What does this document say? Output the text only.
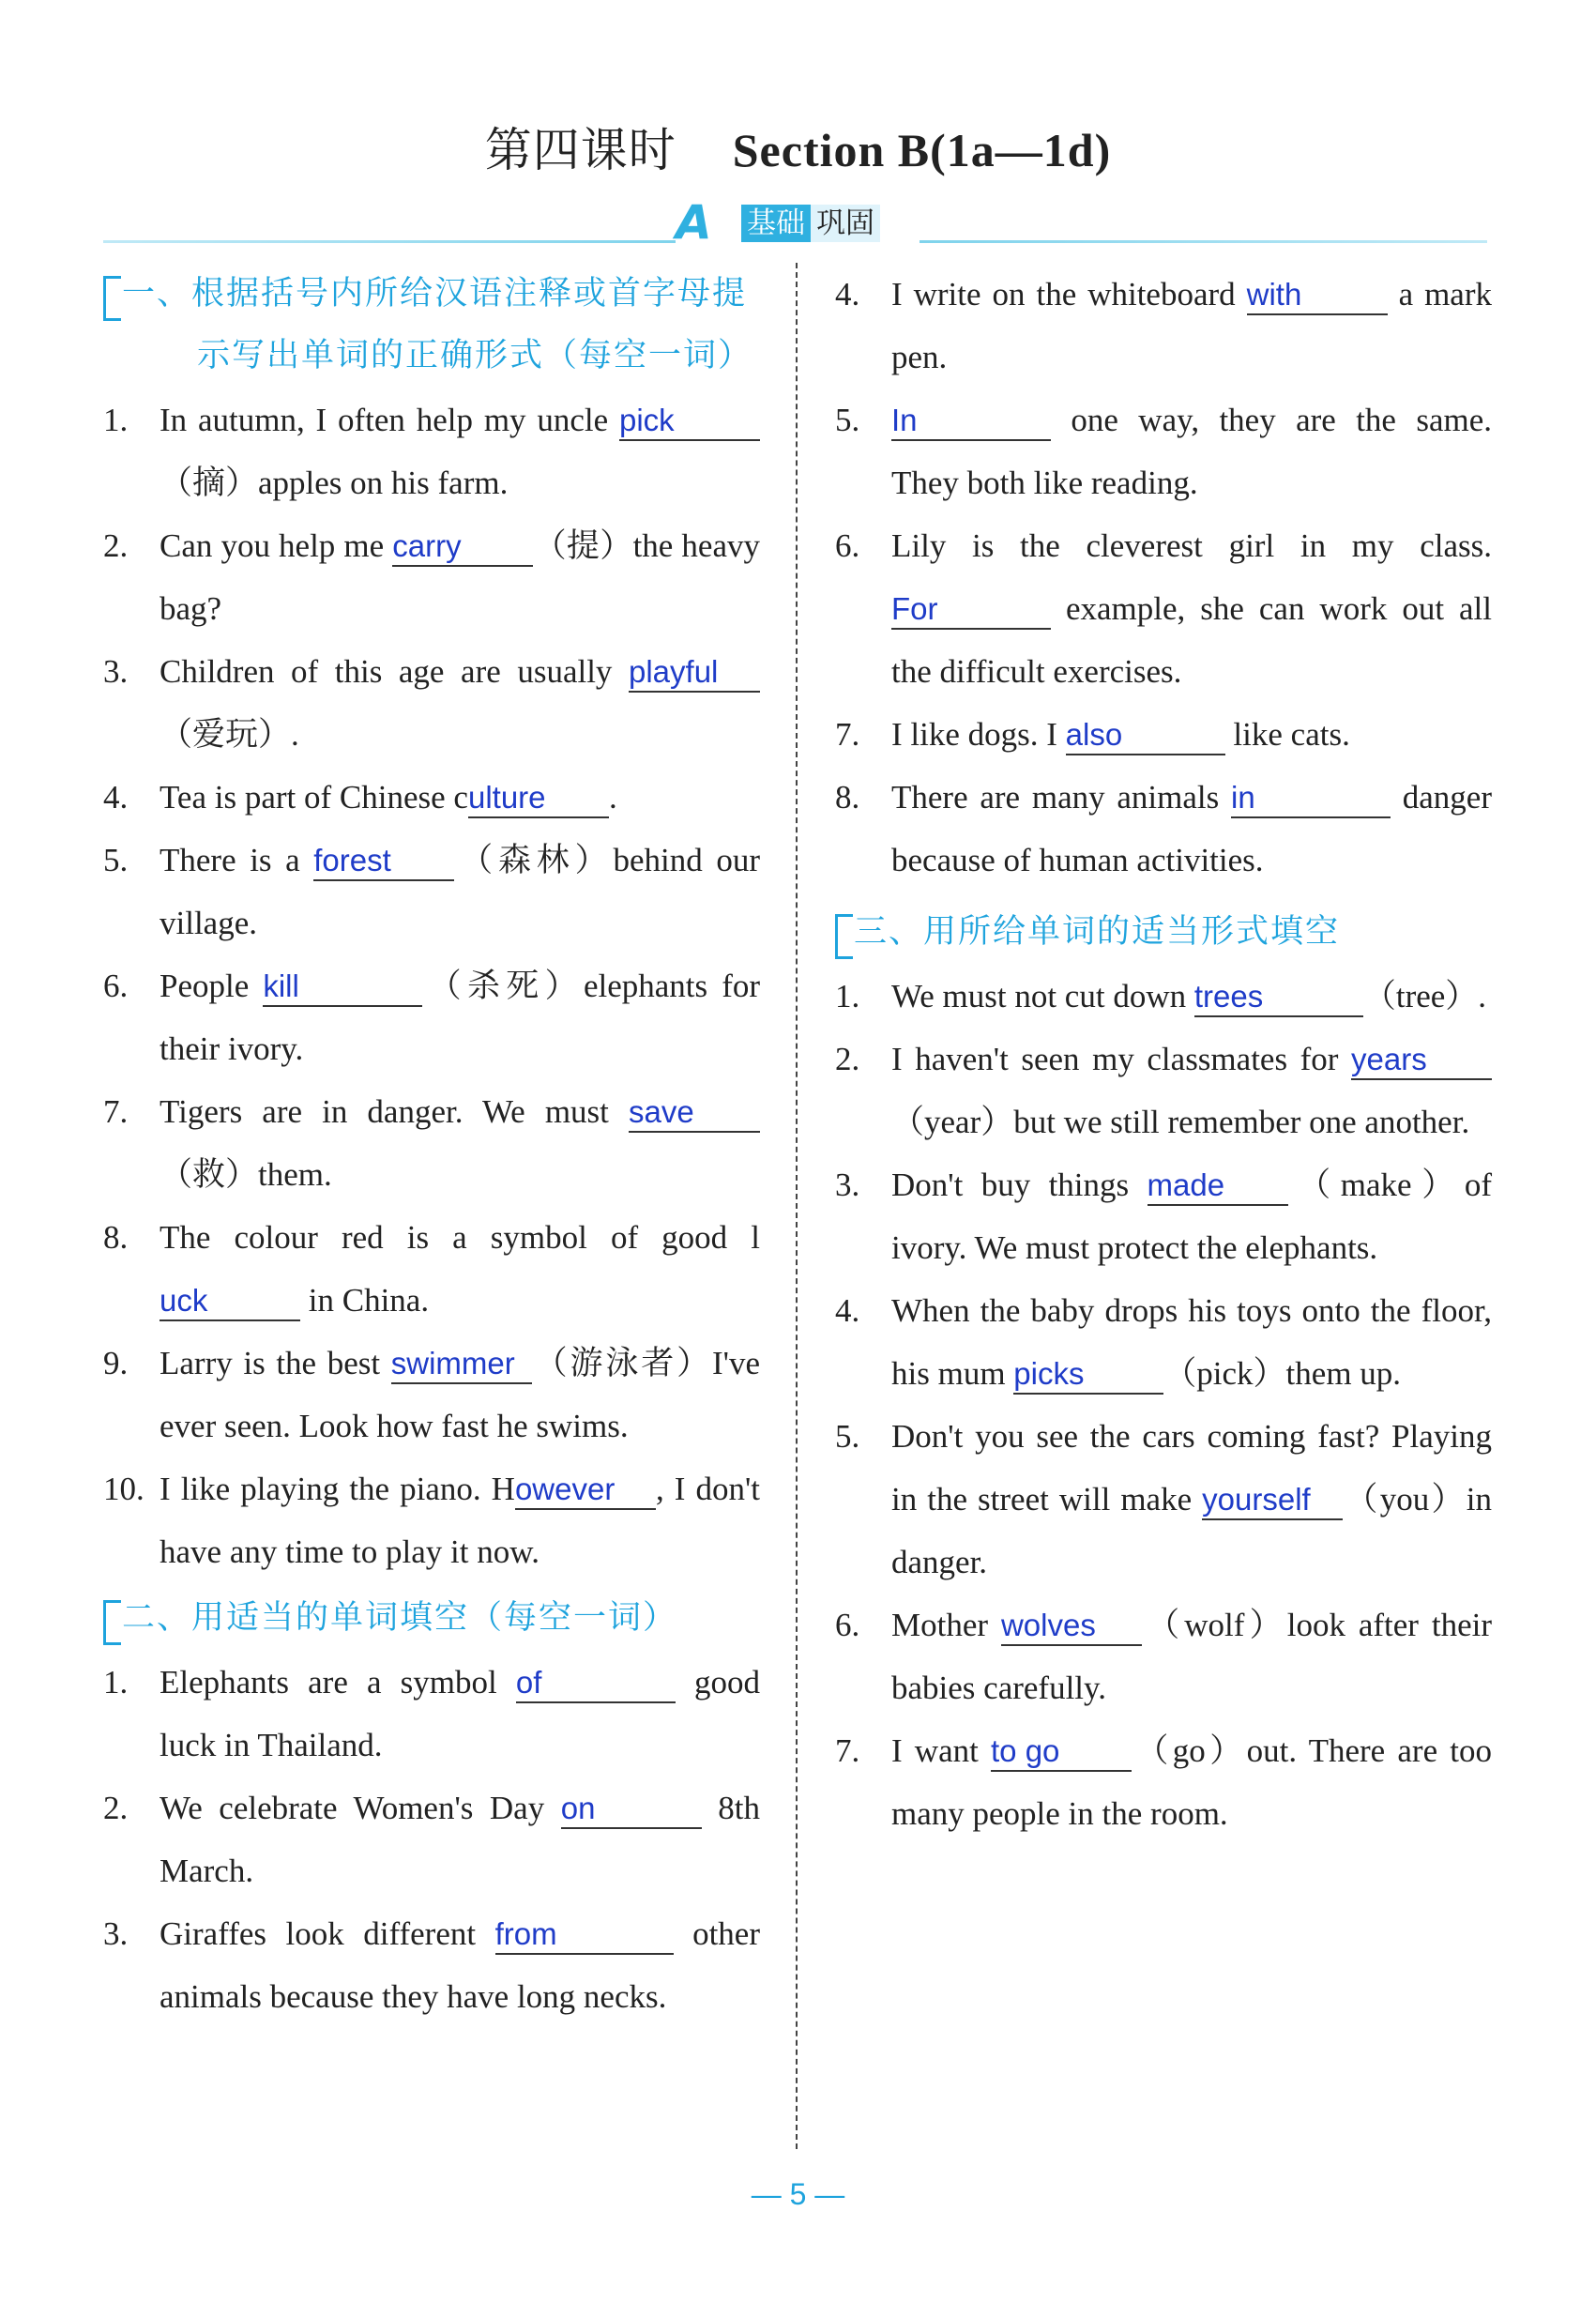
第四课时 Section B(1a—1d)
A	基础 巩固
一、根据括号内所给汉语注释或首字母提
示写出单词的正确形式（每空一词）
1. In autumn, I often help my uncle pick（摘）apples on his farm.
2. Can you help me carry （提）the heavy bag?
3. Children of this age are usually playful（爱玩）.
4. Tea is part of Chinese culture .
5. There is a forest （森林）behind our village.
6. People kill	（杀死）elephants for their ivory.
7. Tigers are in danger. We must save（救）them.
8. The colour red is a symbol of good luck	in China.
9. Larry is the best swimmer （游泳者）I've ever seen. Look how fast he swims.
10. I like playing the piano. However , I don't have any time to play it now.
二、用适当的单词填空（每空一词）
1. Elephants are a symbol of	good luck in Thailand.
2. We celebrate Women's Day on	8th March.
3. Giraffes look different from	other animals because they have long necks.
4. I write on the whiteboard with	a mark pen.
5.	In	one way, they are the same. They both like reading.
6. Lily is the cleverest girl in my class. For	example, she can work out all the difficult exercises.
7. I like dogs. I also	like cats.
8. There are many animals in	danger because of human activities.
三、用所给单词的适当形式填空
1. We must not cut down trees	（tree）.
2. I haven't seen my classmates for years（year）but we still remember one another.
3. Don't buy things made （make）of ivory. We must protect the elephants.
4. When the baby drops his toys onto the floor, his mum picks （pick）them up.
5. Don't you see the cars coming fast? Playing in the street will make yourself （you）in danger.
6. Mother wolves （wolf）look after their babies carefully.
7. I want to go （go）out. There are too many people in the room.
— 5 —
